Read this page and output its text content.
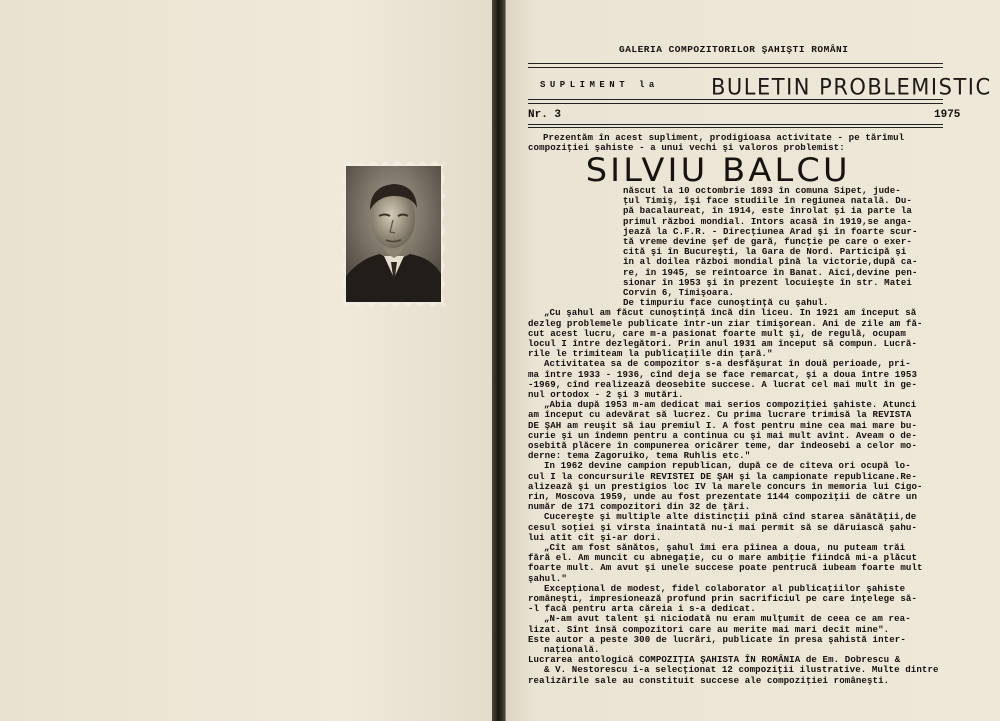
GALERIA COMPOZITORILOR ŞAHIŞTI ROMÂNI
SUPLIMENT la BULETIN PROBLEMISTIC
Nr. 3	1975
Prezentăm în acest supliment, prodigioasa activitate - pe tărîmul
compoziţiei şahiste - a unui vechi şi valoros problemist:
SILVIU BALCU
născut la 10 octombrie 1893 în comuna Sipet, jude-
ţul Timiş, îşi face studiile în regiunea natală. Du-
pă bacalaureat, în 1914, este înrolat şi ia parte la
primul război mondial. Intors acasă în 1919,se anga-
jează la C.F.R. - Direcţiunea Arad şi în foarte scur-
tă vreme devine şef de gară, funcţie pe care o exer-
cită şi în Bucureşti, la Gara de Nord. Participă şi
în al doilea război mondial pînă la victorie,după ca-
re, în 1945, se reîntoarce în Banat. Aici,devine pen-
sionar în 1953 şi în prezent locuieşte în str. Matei
Corvin 6, Timişoara.
De timpuriu face cunoştinţă cu şahul.
„Cu şahul am făcut cunoştinţă încă din liceu. In 1921 am început să
dezleg problemele publicate într-un ziar timişorean. Ani de zile am fă-
cut acest lucru, care m-a pasionat foarte mult şi, de regulă, ocupam
locul I între dezlegători. Prin anul 1931 am început să compun. Lucră-
rile le trimiteam la publicaţiile din ţară."
Activitatea sa de compozitor s-a desfăşurat în două perioade, pri-
ma între 1933 - 1936, cînd deja se face remarcat, şi a doua între 1953
-1969, cînd realizează deosebite succese. A lucrat cel mai mult în ge-
nul ortodox - 2 şi 3 mutări.
„Abia după 1953 m-am dedicat mai serios compoziţiei şahiste. Atunci
am început cu adevărat să lucrez. Cu prima lucrare trimisă la REVISTA
DE ŞAH am reuşit să iau premiul I. A fost pentru mine cea mai mare bu-
curie şi un îndemn pentru a continua cu şi mai mult avînt. Aveam o de-
osebită plăcere în compunerea oricărer teme, dar îndeosebi a celor mo-
derne: tema Zagoruiko, tema Ruhlis etc."
In 1962 devine campion republican, după ce de cîteva ori ocupă lo-
cul I la concursurile REVISTEI DE ŞAH şi la campionate republicane.Re-
alizează şi un prestigios loc IV la marele concurs în memoria lui Cigo-
rin, Moscova 1959, unde au fost prezentate 1144 compoziţii de către un
număr de 171 compozitori din 32 de ţări.
Cucereşte şi multiple alte distincţii pînă cînd starea sănătăţii,de
cesul soţiei şi vîrsta înaintată nu-i mai permit să se dăruiască şahu-
lui atît cît şi-ar dori.
„Cît am fost sănătos, şahul îmi era pîinea a doua, nu puteam trăi
fără el. Am muncit cu abnegaţie, cu o mare ambiţie fiindcă mi-a plăcut
foarte mult. Am avut şi unele succese poate pentrucă iubeam foarte mult
şahul."
Excepţional de modest, fidel colaborator al publicaţiilor şahiste
româneşti, impresionează profund prin sacrificiul pe care înţelege să-
-l facă pentru arta căreia i s-a dedicat.
„N-am avut talent şi niciodată nu eram mulţumit de ceea ce am rea-
lizat. Sînt însă compozitori care au merite mai mari decît mine".
Este autor a peste 300 de lucrări, publicate în presa şahistă inter-
naţională.
Lucrarea antologică COMPOZIŢIA ŞAHISTA ÎN ROMÂNIA de Em. Dobrescu &
& V. Nestorescu i-a selecţionat 12 compoziţii ilustrative. Multe dintre
realizările sale au constituit succese ale compoziţiei româneşti.
